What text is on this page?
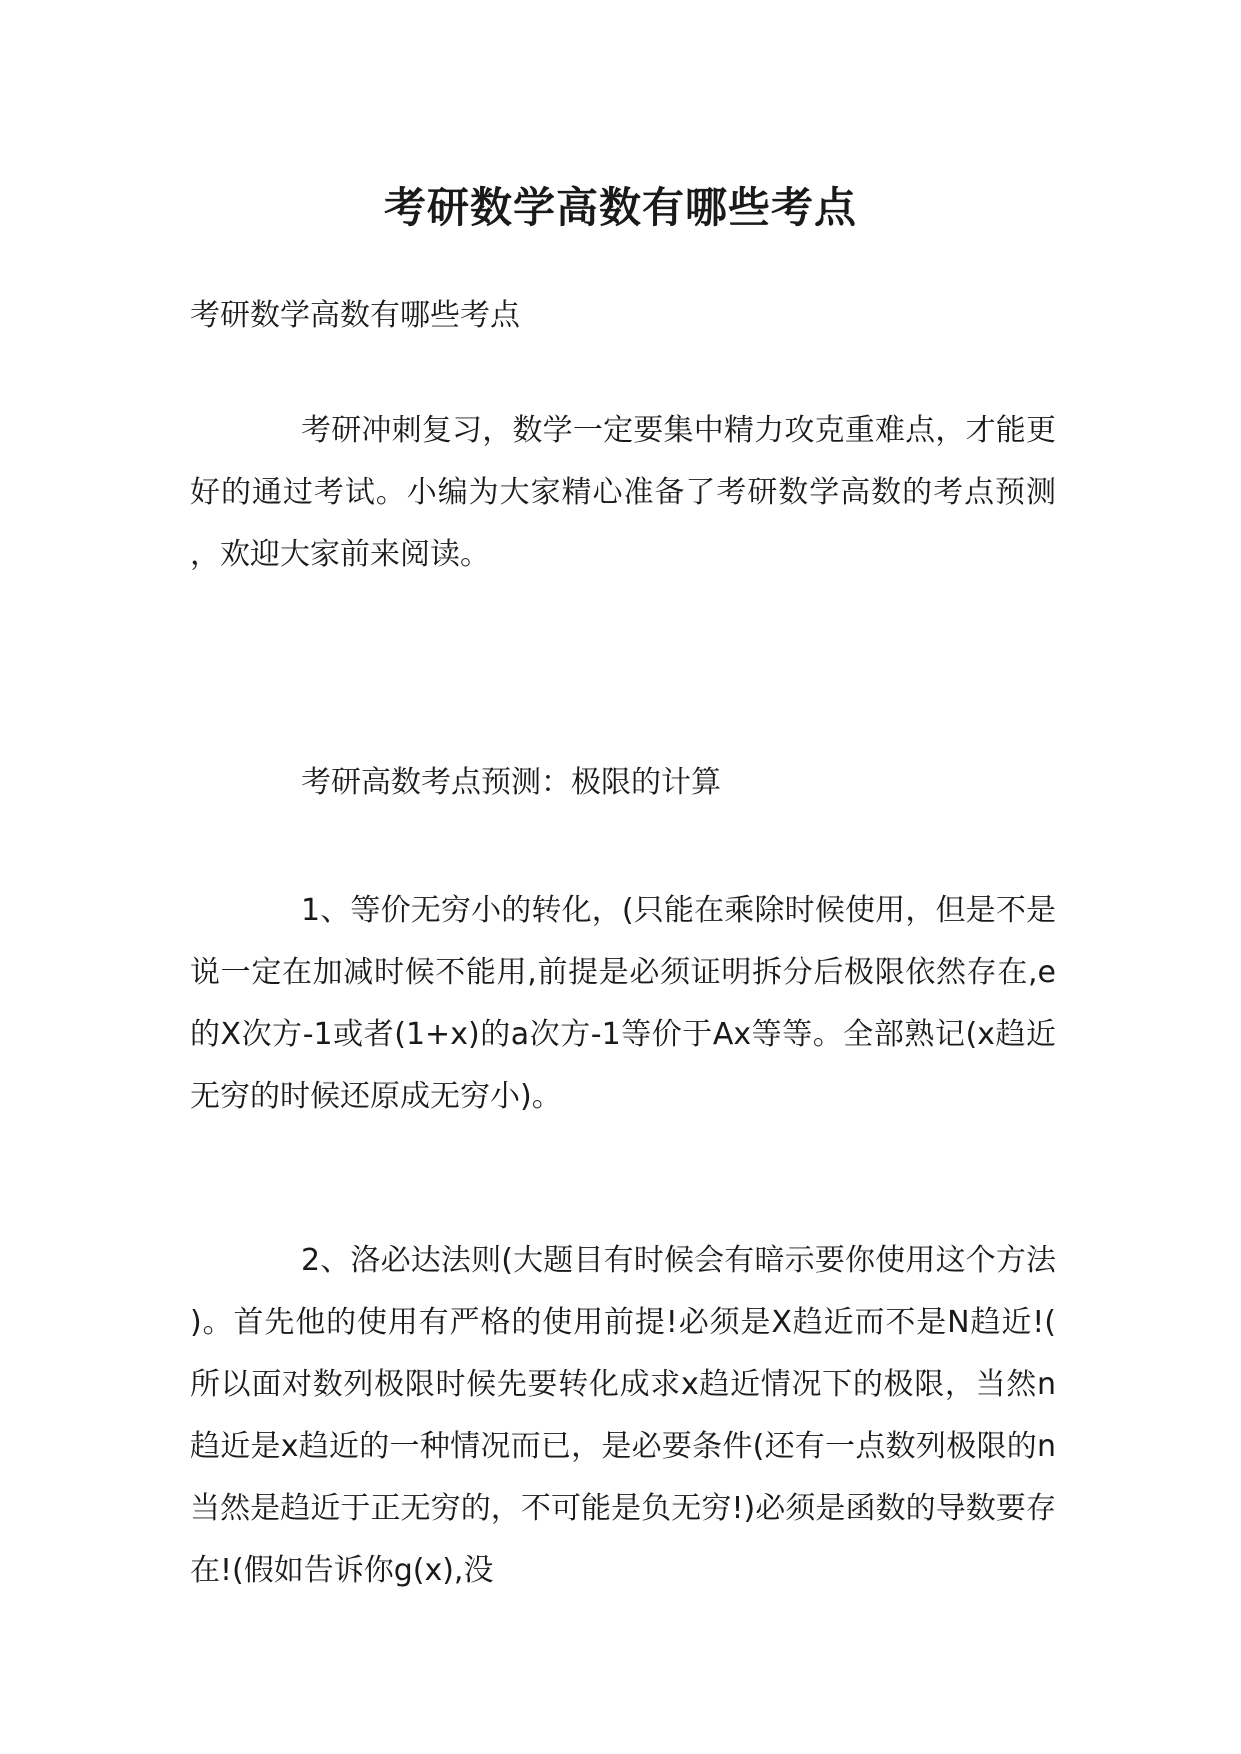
考研数学高数有哪些考点

考研数学高数有哪些考点

考研冲刺复习，数学一定要集中精力攻克重难点，才能更好的通过考试。小编为大家精心准备了考研数学高数的考点预测，欢迎大家前来阅读。

考研高数考点预测：极限的计算

1、等价无穷小的转化，(只能在乘除时候使用，但是不是说一定在加减时候不能用,前提是必须证明拆分后极限依然存在,e的X次方-1或者(1+x)的a次方-1等价于Ax等等。全部熟记(x趋近无穷的时候还原成无穷小)。

2、洛必达法则(大题目有时候会有暗示要你使用这个方法)。首先他的使用有严格的使用前提!必须是X趋近而不是N趋近!(所以面对数列极限时候先要转化成求x趋近情况下的极限，当然n趋近是x趋近的一种情况而已，是必要条件(还有一点数列极限的n当然是趋近于正无穷的，不可能是负无穷!)必须是函数的导数要存在!(假如告诉你g(x),没
